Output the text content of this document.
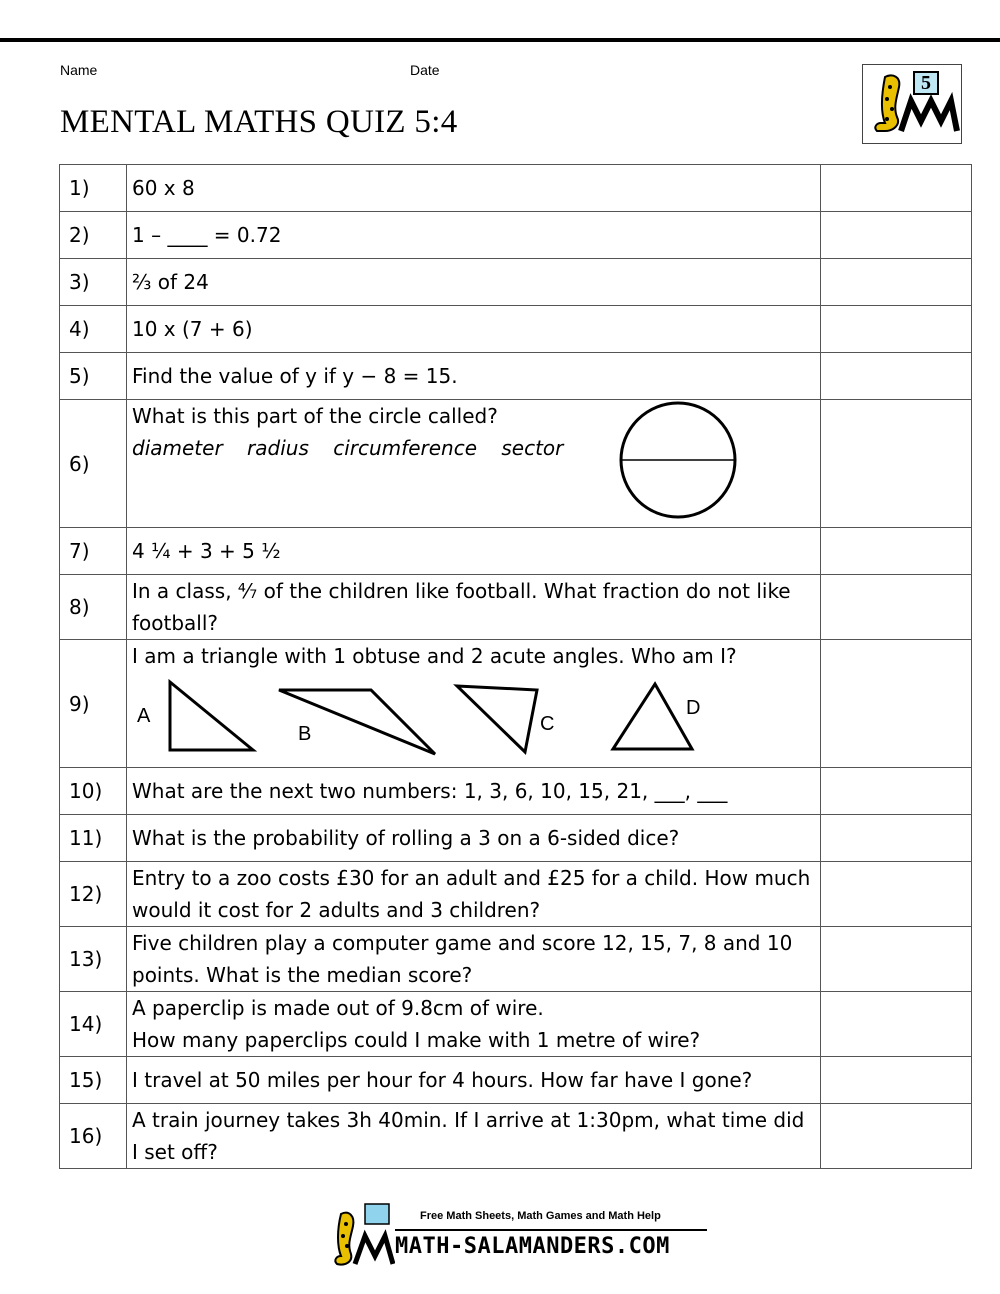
Name	Date
MENTAL MATHS QUIZ 5:4
5
1)	60 x 8	
2)	1 – ____ = 0.72	
3)	⅔ of 24	
4)	10 x (7 + 6)	
5)	Find the value of y if y − 8 = 15.	
6)	What is this part of the circle called?
diameter radius circumference sector	

7)	4 ¼ + 3 + 5 ½	
8)	In a class, ⁴⁄₇ of the children like football. What fraction do not like football?	
9)	I am a triangle with 1 obtuse and 2 acute angles. Who am I?
A
B C
D	

10)	What are the next two numbers: 1, 3, 6, 10, 15, 21, ___, ___	
11)	What is the probability of rolling a 3 on a 6-sided dice?	
12)	Entry to a zoo costs £30 for an adult and £25 for a child. How much would it cost for 2 adults and 3 children?	
13)	Five children play a computer game and score 12, 15, 7, 8 and 10 points. What is the median score?	
14)	A paperclip is made out of 9.8cm of wire.
How many paperclips could I make with 1 metre of wire?	

15)	I travel at 50 miles per hour for 4 hours. How far have I gone?	
16)	A train journey takes 3h 40min. If I arrive at 1:30pm, what time did I set off?	
Free Math Sheets, Math Games and Math Help
MATH-SALAMANDERS.COM
